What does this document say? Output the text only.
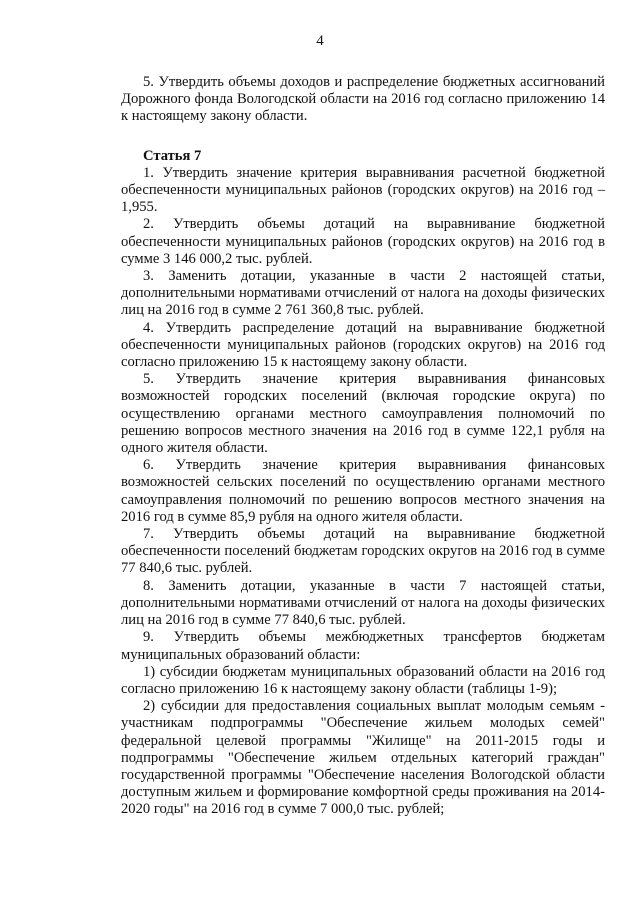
4

5. Утвердить объемы доходов и распределение бюджетных ассигнований Дорожного фонда Вологодской области на 2016 год согласно приложению 14 к настоящему закону области.

Статья 7

1. Утвердить значение критерия выравнивания расчетной бюджетной обеспеченности муниципальных районов (городских округов) на 2016 год – 1,955.

2. Утвердить объемы дотаций на выравнивание бюджетной обеспеченности муниципальных районов (городских округов) на 2016 год в сумме 3 146 000,2 тыс. рублей.

3. Заменить дотации, указанные в части 2 настоящей статьи, дополнительными нормативами отчислений от налога на доходы физических лиц на 2016 год в сумме 2 761 360,8 тыс. рублей.

4. Утвердить распределение дотаций на выравнивание бюджетной обеспеченности муниципальных районов (городских округов) на 2016 год согласно приложению 15 к настоящему закону области.

5. Утвердить значение критерия выравнивания финансовых возможностей городских поселений (включая городские округа) по осуществлению органами местного самоуправления полномочий по решению вопросов местного значения на 2016 год в сумме 122,1 рубля на одного жителя области.

6. Утвердить значение критерия выравнивания финансовых возможностей сельских поселений по осуществлению органами местного самоуправления полномочий по решению вопросов местного значения на 2016 год в сумме 85,9 рубля на одного жителя области.

7. Утвердить объемы дотаций на выравнивание бюджетной обеспеченности поселений бюджетам городских округов на 2016 год в сумме 77 840,6 тыс. рублей.

8. Заменить дотации, указанные в части 7 настоящей статьи, дополнительными нормативами отчислений от налога на доходы физических лиц на 2016 год в сумме 77 840,6 тыс. рублей.

9. Утвердить объемы межбюджетных трансфертов бюджетам муниципальных образований области:

1) субсидии бюджетам муниципальных образований области на 2016 год согласно приложению 16 к настоящему закону области (таблицы 1-9);

2) субсидии для предоставления социальных выплат молодым семьям - участникам подпрограммы "Обеспечение жильем молодых семей" федеральной целевой программы "Жилище" на 2011-2015 годы и подпрограммы "Обеспечение жильем отдельных категорий граждан" государственной программы "Обеспечение населения Вологодской области доступным жильем и формирование комфортной среды проживания на 2014-2020 годы" на 2016 год в сумме 7 000,0 тыс. рублей;
